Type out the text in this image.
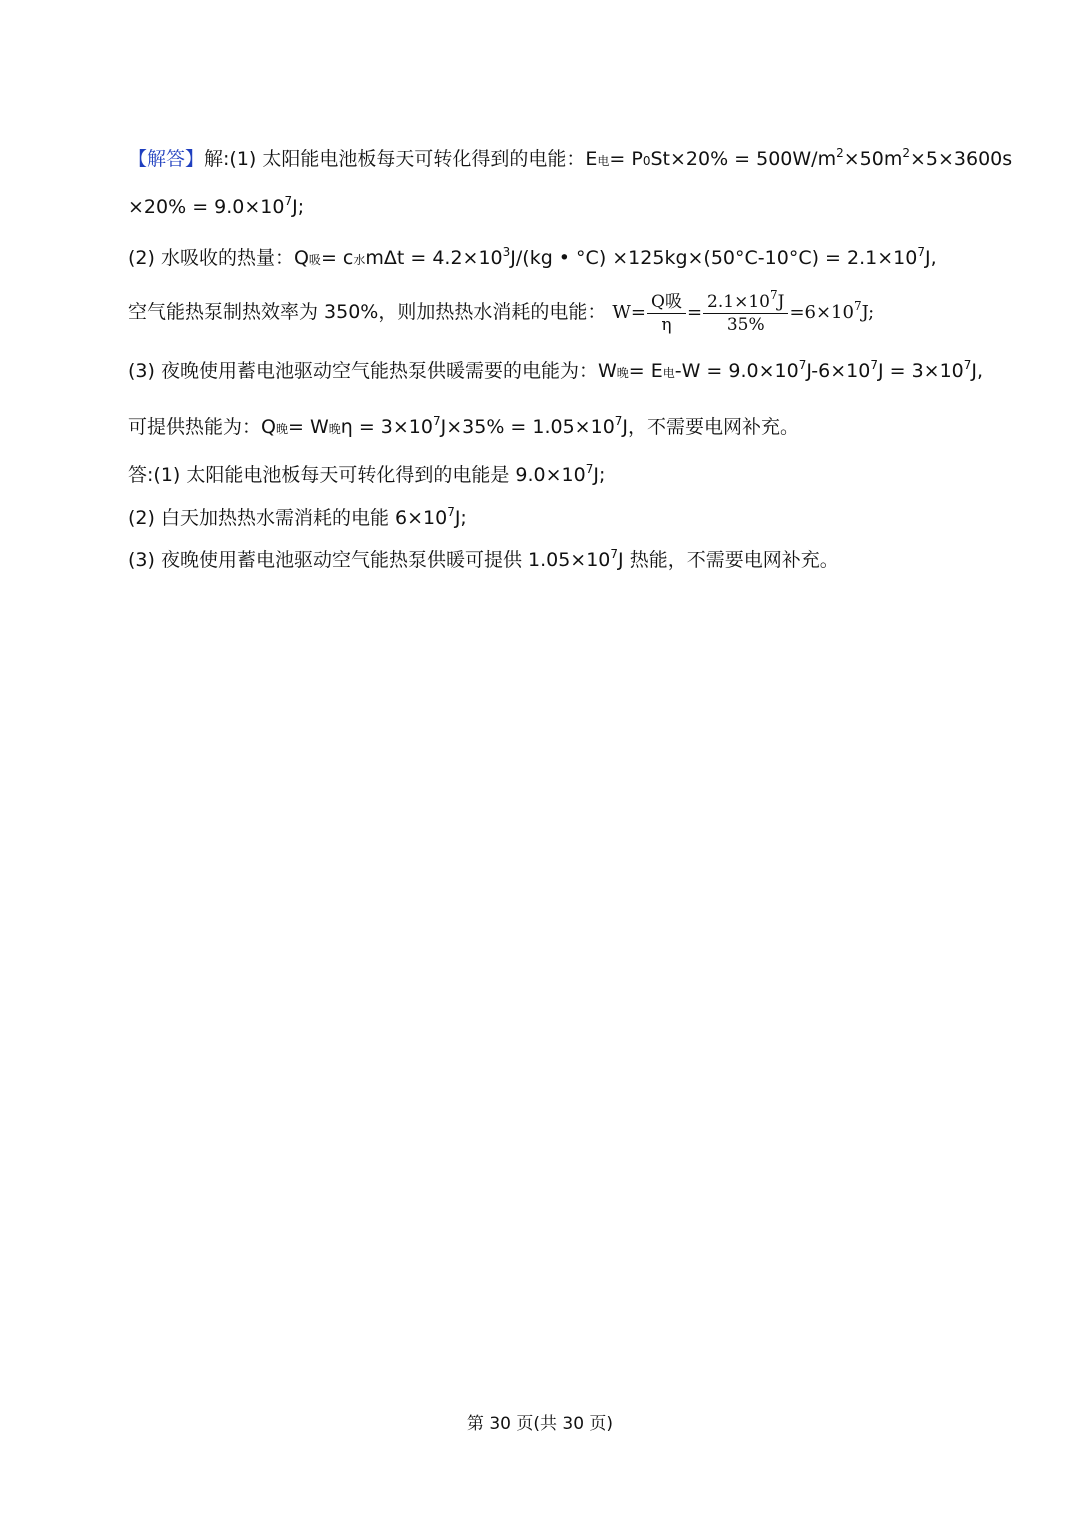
【解答】解:(1) 太阳能电池板每天可转化得到的电能：E电= $P0St\times 20\% = 500W/m^2\times 50m^2\times 5\times 3600s$
$\times 20\% = 9.0\times 10^7J$;
(2) 水吸收的热量：Q吸= c水$m\Delta t = 4.2\times 10^3J/(kg$ • $^\circ C) \times 125kg\times(50^\circ C-10^\circ C) = 2.1\times 10^7J$,
空气能热泵制热效率为 350%，则加热热水消耗的电能： $W= \frac{\text{Q吸}}{\eta} = \frac{2.1\times 10^7J}{35\%} =6\times 10^7J$;
(3) 夜晚使用蓄电池驱动空气能热泵供暖需要的电能为：W晚= E电$-W = 9.0\times 10^7J-6\times 10^7J = 3\times 10^7J$,
可提供热能为：Q晚= W晚$\eta = 3\times 10^7J\times 35\% = 1.05\times 10^7J$，不需要电网补充。
答:(1) 太阳能电池板每天可转化得到的电能是 $9.0\times 10^7J$;
(2) 白天加热热水需消耗的电能 $6\times 10^7J$;
(3) 夜晚使用蓄电池驱动空气能热泵供暖可提供 $1.05\times 10^7J$ 热能，不需要电网补充。
第 30 页(共 30 页)
